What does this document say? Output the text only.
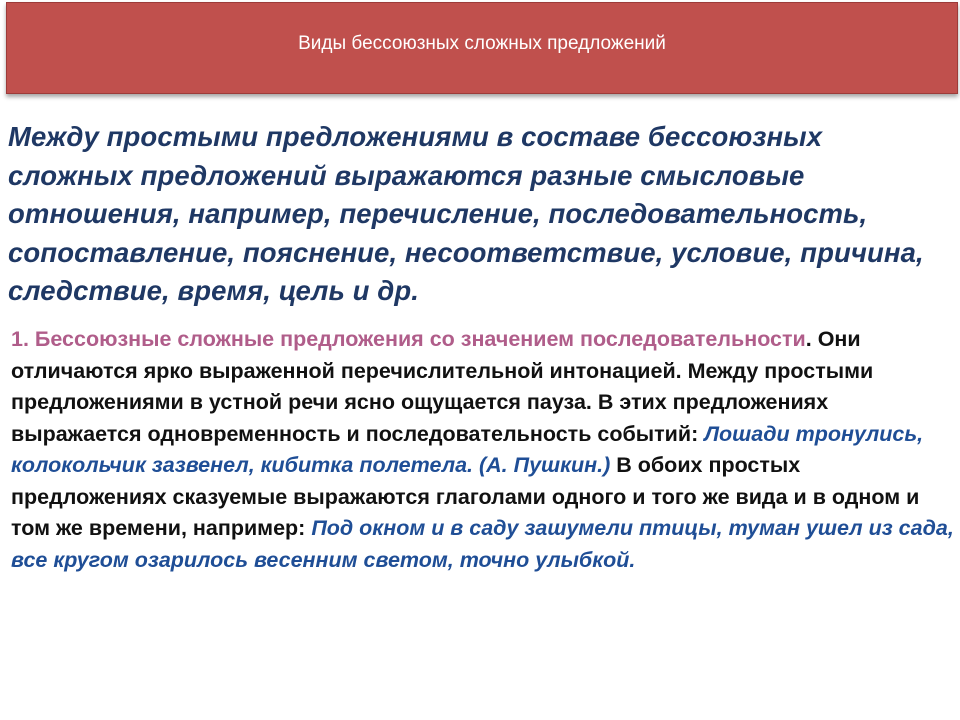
Виды бессоюзных сложных предложений

Между простыми предложениями в составе бессоюзных сложных предложений выражаются разные смысловые отношения, например, перечисление, последовательность, сопоставление, пояснение, несоответствие, условие, причина, следствие, время, цель и др.

1. Бессоюзные сложные предложения со значением последовательности. Они отличаются ярко выраженной перечислительной интонацией. Между простыми предложениями в устной речи ясно ощущается пауза. В этих предложениях выражается одновременность и последовательность событий: Лошади тронулись, колокольчик зазвенел, кибитка полетела. (А. Пушкин.) В обоих простых предложениях сказуемые выражаются глаголами одного и того же вида и в одном и том же времени, например: Под окном и в саду зашумели птицы, туман ушел из сада, все кругом озарилось весенним светом, точно улыбкой.
